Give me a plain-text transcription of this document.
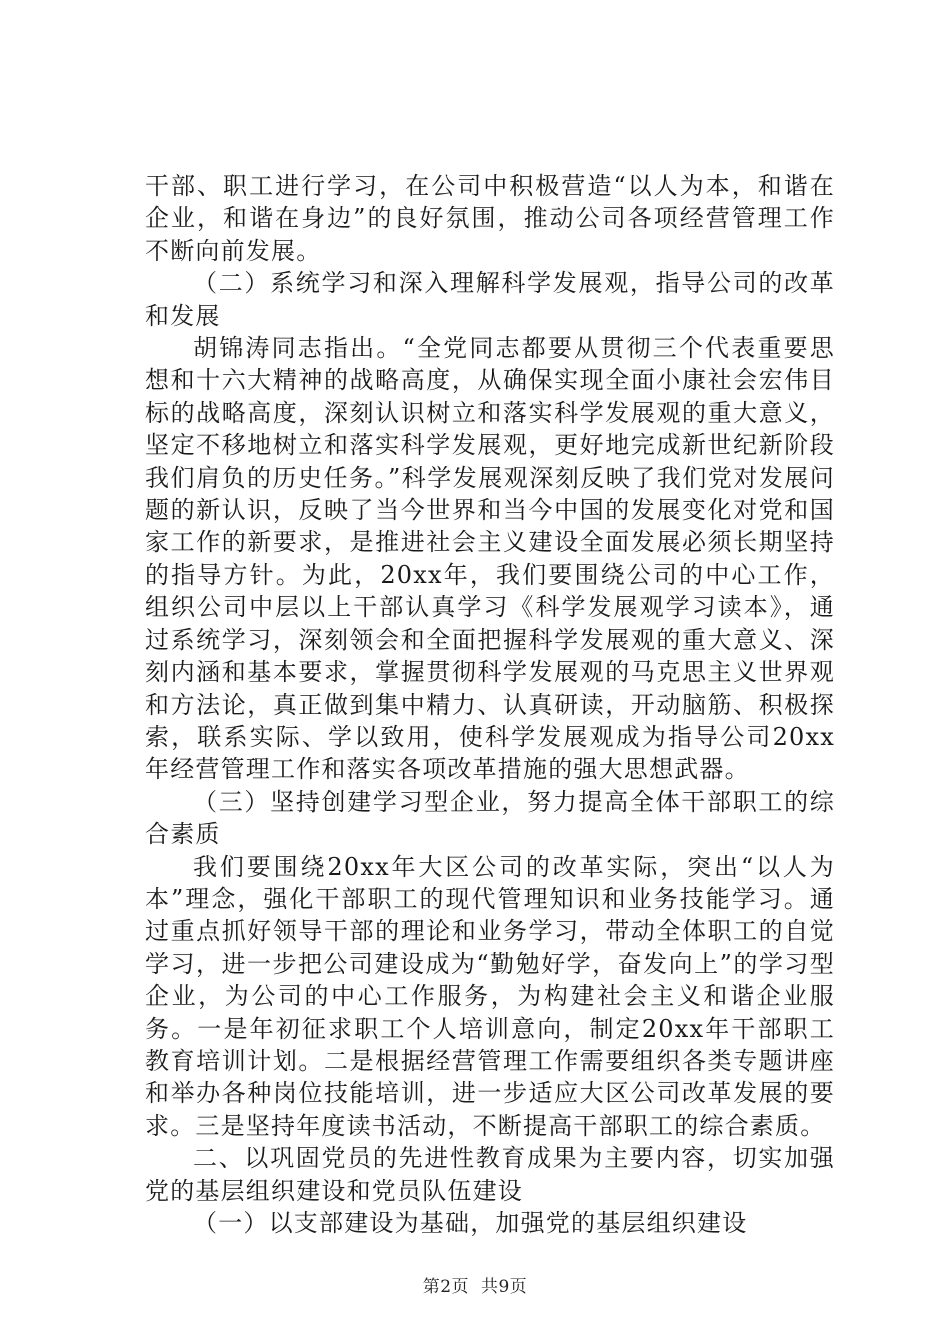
干部、职工进行学习，在公司中积极营造“以人为本，和谐在企业，和谐在身边”的良好氛围，推动公司各项经营管理工作不断向前发展。

（二）系统学习和深入理解科学发展观，指导公司的改革和发展

胡锦涛同志指出。“全党同志都要从贯彻三个代表重要思想和十六大精神的战略高度，从确保实现全面小康社会宏伟目标的战略高度，深刻认识树立和落实科学发展观的重大意义，坚定不移地树立和落实科学发展观，更好地完成新世纪新阶段我们肩负的历史任务。”科学发展观深刻反映了我们党对发展问题的新认识，反映了当今世界和当今中国的发展变化对党和国家工作的新要求，是推进社会主义建设全面发展必须长期坚持的指导方针。为此，20xx年，我们要围绕公司的中心工作，组织公司中层以上干部认真学习《科学发展观学习读本》，通过系统学习，深刻领会和全面把握科学发展观的重大意义、深刻内涵和基本要求，掌握贯彻科学发展观的马克思主义世界观和方法论，真正做到集中精力、认真研读，开动脑筋、积极探索，联系实际、学以致用，使科学发展观成为指导公司20xx年经营管理工作和落实各项改革措施的强大思想武器。

（三）坚持创建学习型企业，努力提高全体干部职工的综合素质

我们要围绕20xx年大区公司的改革实际，突出“以人为本”理念，强化干部职工的现代管理知识和业务技能学习。通过重点抓好领导干部的理论和业务学习，带动全体职工的自觉学习，进一步把公司建设成为“勤勉好学，奋发向上”的学习型企业，为公司的中心工作服务，为构建社会主义和谐企业服务。一是年初征求职工个人培训意向，制定20xx年干部职工教育培训计划。二是根据经营管理工作需要组织各类专题讲座和举办各种岗位技能培训，进一步适应大区公司改革发展的要求。三是坚持年度读书活动，不断提高干部职工的综合素质。

二、以巩固党员的先进性教育成果为主要内容，切实加强党的基层组织建设和党员队伍建设

（一）以支部建设为基础，加强党的基层组织建设

第2页 共9页
